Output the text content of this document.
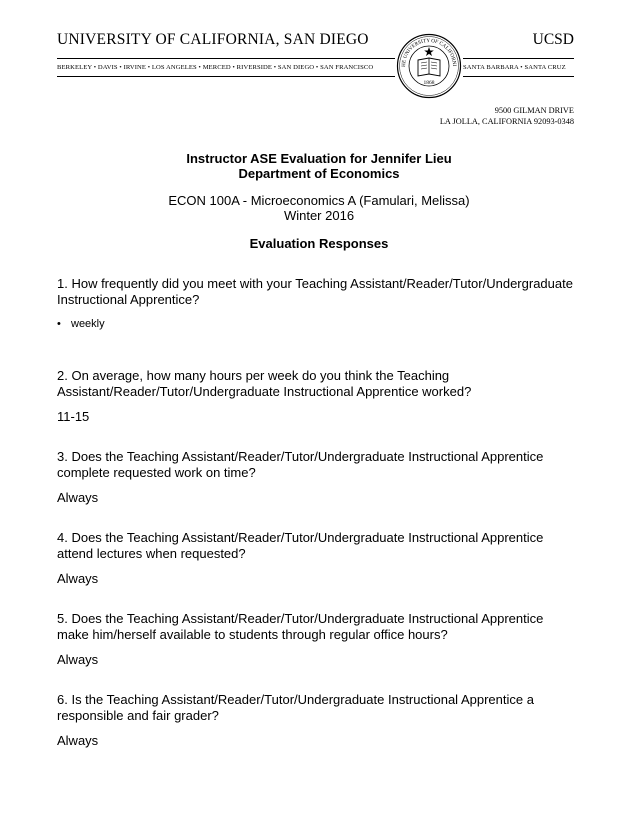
UNIVERSITY OF CALIFORNIA, SAN DIEGO	UCSD
BERKELEY • DAVIS • IRVINE • LOS ANGELES • MERCED • RIVERSIDE • SAN DIEGO • SAN FRANCISCO	SANTA BARBARA • SANTA CRUZ
HE UNIVERSITY OF CALIFORNI
1868
9500 GILMAN DRIVE
LA JOLLA, CALIFORNIA 92093-0348
Instructor ASE Evaluation for Jennifer Lieu
Department of Economics
ECON 100A - Microeconomics A (Famulari, Melissa)
Winter 2016
Evaluation Responses
1. How frequently did you meet with your Teaching Assistant/Reader/Tutor/Undergraduate Instructional Apprentice?
• weekly
2. On average, how many hours per week do you think the Teaching Assistant/Reader/Tutor/Undergraduate Instructional Apprentice worked?
11-15
3. Does the Teaching Assistant/Reader/Tutor/Undergraduate Instructional Apprentice complete requested work on time?
Always
4. Does the Teaching Assistant/Reader/Tutor/Undergraduate Instructional Apprentice attend lectures when requested?
Always
5. Does the Teaching Assistant/Reader/Tutor/Undergraduate Instructional Apprentice make him/herself available to students through regular office hours?
Always
6. Is the Teaching Assistant/Reader/Tutor/Undergraduate Instructional Apprentice a responsible and fair grader?
Always
